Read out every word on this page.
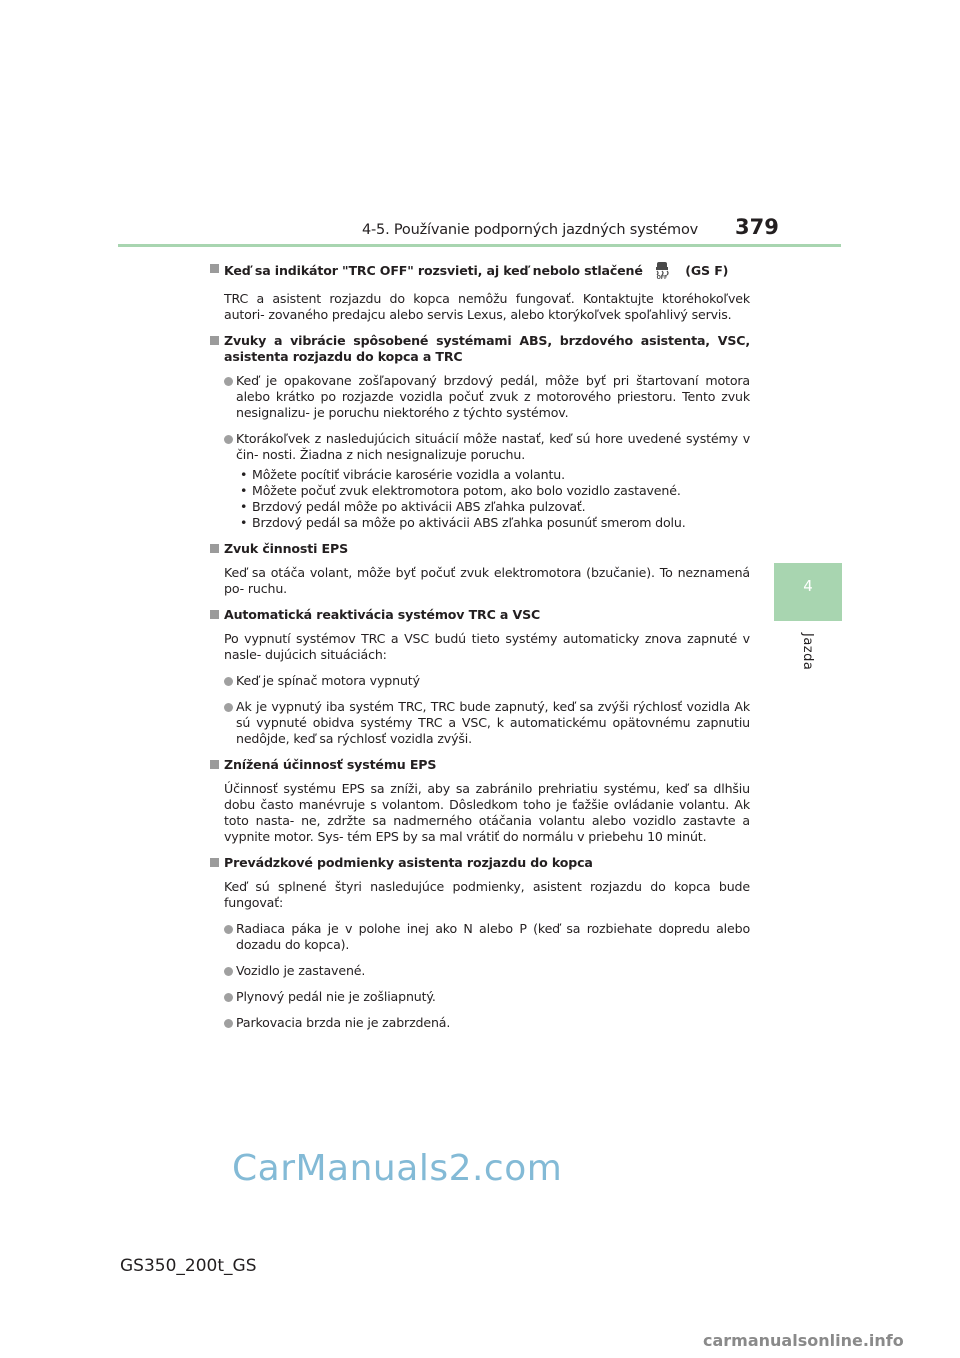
4-5. Používanie podporných jazdných systémov 379
4
Jazda
Keď sa indikátor "TRC OFF" rozsvieti, aj keď nebolo stlačené	OFF (GS F)
TRC a asistent rozjazdu do kopca nemôžu fungovať. Kontaktujte ktoréhokoľvek autori- zovaného predajcu alebo servis Lexus, alebo ktorýkoľvek spoľahlivý servis.
Zvuky a vibrácie spôsobené systémami ABS, brzdového asistenta, VSC, asistenta rozjazdu do kopca a TRC
Keď je opakovane zošľapovaný brzdový pedál, môže byť pri štartovaní motora alebo krátko po rozjazde vozidla počuť zvuk z motorového priestoru. Tento zvuk nesignalizu- je poruchu niektorého z týchto systémov.
Ktorákoľvek z nasledujúcich situácií môže nastať, keď sú hore uvedené systémy v čin- nosti. Žiadna z nich nesignalizuje poruchu.
• Môžete pocítiť vibrácie karosérie vozidla a volantu.
• Môžete počuť zvuk elektromotora potom, ako bolo vozidlo zastavené.
• Brzdový pedál môže po aktivácii ABS zľahka pulzovať.
• Brzdový pedál sa môže po aktivácii ABS zľahka posunúť smerom dolu.
Zvuk činnosti EPS
Keď sa otáča volant, môže byť počuť zvuk elektromotora (bzučanie). To neznamená po- ruchu.
Automatická reaktivácia systémov TRC a VSC
Po vypnutí systémov TRC a VSC budú tieto systémy automaticky znova zapnuté v nasle- dujúcich situáciách:
Keď je spínač motora vypnutý
Ak je vypnutý iba systém TRC, TRC bude zapnutý, keď sa zvýši rýchlosť vozidla Ak sú vypnuté obidva systémy TRC a VSC, k automatickému opätovnému zapnutiu nedôjde, keď sa rýchlosť vozidla zvýši.
Znížená účinnosť systému EPS
Účinnosť systému EPS sa zníži, aby sa zabránilo prehriatiu systému, keď sa dlhšiu dobu často manévruje s volantom. Dôsledkom toho je ťažšie ovládanie volantu. Ak toto nasta- ne, zdržte sa nadmerného otáčania volantu alebo vozidlo zastavte a vypnite motor. Sys- tém EPS by sa mal vrátiť do normálu v priebehu 10 minút.
Prevádzkové podmienky asistenta rozjazdu do kopca
Keď sú splnené štyri nasledujúce podmienky, asistent rozjazdu do kopca bude fungovať:
Radiaca páka je v polohe inej ako N alebo P (keď sa rozbiehate dopredu alebo dozadu do kopca).
Vozidlo je zastavené.
Plynový pedál nie je zošliapnutý.
Parkovacia brzda nie je zabrzdená.
CarManuals2.com
GS350_200t_GS
carmanualsonline.info
